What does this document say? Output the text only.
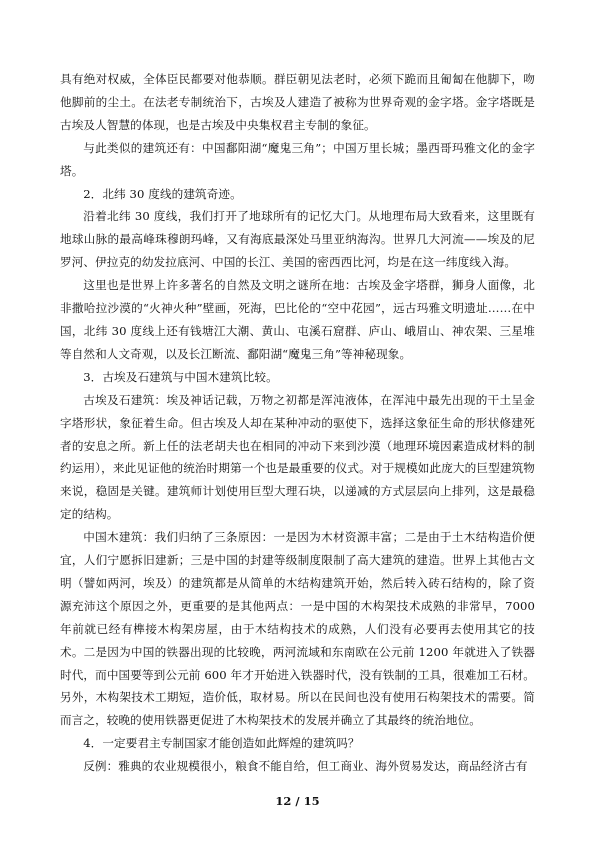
具有绝对权威，全体臣民都要对他恭顺。群臣朝见法老时，必须下跪而且匍匐在他脚下，吻他脚前的尘土。在法老专制统治下，古埃及人建造了被称为世界奇观的金字塔。金字塔既是古埃及人智慧的体现，也是古埃及中央集权君主专制的象征。

与此类似的建筑还有：中国鄱阳湖“魔鬼三角”；中国万里长城；墨西哥玛雅文化的金字塔。

2．北纬 30 度线的建筑奇迹。

沿着北纬 30 度线，我们打开了地球所有的记忆大门。从地理布局大致看来，这里既有地球山脉的最高峰珠穆朗玛峰，又有海底最深处马里亚纳海沟。世界几大河流——埃及的尼罗河、伊拉克的幼发拉底河、中国的长江、美国的密西西比河，均是在这一纬度线入海。

这里也是世界上许多著名的自然及文明之谜所在地：古埃及金字塔群，狮身人面像，北非撒哈拉沙漠的“火神火种”壁画，死海，巴比伦的“空中花园”，远古玛雅文明遗址……在中国，北纬 30 度线上还有钱塘江大潮、黄山、屯溪石窟群、庐山、峨眉山、神农架、三星堆等自然和人文奇观，以及长江断流、鄱阳湖“魔鬼三角”等神秘现象。

3．古埃及石建筑与中国木建筑比较。

古埃及石建筑：埃及神话记载，万物之初都是浑沌液体，在浑沌中最先出现的干土呈金字塔形状，象征着生命。但古埃及人却在某种冲动的驱使下，选择这象征生命的形状修建死者的安息之所。新上任的法老胡夫也在相同的冲动下来到沙漠（地理环境因素造成材料的制约运用），来此见证他的统治时期第一个也是最重要的仪式。对于规模如此庞大的巨型建筑物来说，稳固是关键。建筑师计划使用巨型大理石块，以递减的方式层层向上排列，这是最稳定的结构。

中国木建筑：我们归纳了三条原因：一是因为木材资源丰富；二是由于土木结构造价便宜，人们宁愿拆旧建新；三是中国的封建等级制度限制了高大建筑的建造。世界上其他古文明（譬如两河，埃及）的建筑都是从简单的木结构建筑开始，然后转入砖石结构的，除了资源充沛这个原因之外，更重要的是其他两点：一是中国的木构架技术成熟的非常早，7000 年前就已经有榫接木构架房屋，由于木结构技术的成熟，人们没有必要再去使用其它的技术。二是因为中国的铁器出现的比较晚，两河流域和东南欧在公元前 1200 年就进入了铁器时代，而中国要等到公元前 600 年才开始进入铁器时代，没有铁制的工具，很难加工石材。另外，木构架技术工期短，造价低，取材易。所以在民间也没有使用石构架技术的需要。简而言之，较晚的使用铁器更促进了木构架技术的发展并确立了其最终的统治地位。

4．一定要君主专制国家才能创造如此辉煌的建筑吗？

反例：雅典的农业规模很小，粮食不能自给，但工商业、海外贸易发达，商品经济古有

12 / 15
